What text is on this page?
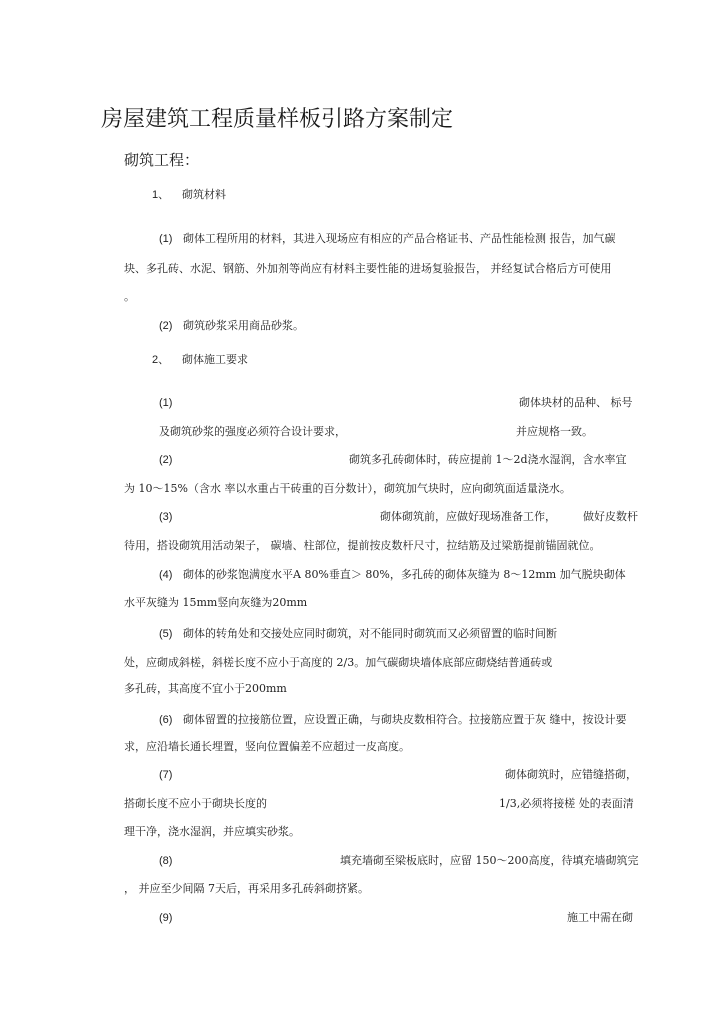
房屋建筑工程质量样板引路方案制定
砌筑工程：
1、 砌筑材料
(1) 砌体工程所用的材料，其进入现场应有相应的产品合格证书、产品性能检测 报告，加气碳
块、多孔砖、水泥、钢筋、外加剂等尚应有材料主要性能的进场复验报告， 并经复试合格后方可使用
。
(2) 砌筑砂浆采用商品砂浆。
2、 砌体施工要求
(1)	砌体块材的品种、 标号
及砌筑砂浆的强度必须符合设计要求，	并应规格一致。
(2)	砌筑多孔砖砌体时，砖应提前 1〜2d浇水湿润，含水率宜
为 10〜15%（含水 率以水重占干砖重的百分数计），砌筑加气块时，应向砌筑面适量浇水。
(3)	砌体砌筑前，应做好现场准备工作， 做好皮数杆
待用，搭设砌筑用活动架子， 碳墙、柱部位，提前按皮数杆尺寸，拉结筋及过梁筋提前锚固就位。
(4) 砌体的砂浆饱满度水平A 80%垂直＞ 80%，多孔砖的砌体灰缝为 8〜12mm 加气脱块砌体
水平灰缝为 15mm竖向灰缝为20mm
(5) 砌体的转角处和交接处应同时砌筑，对不能同时砌筑而又必须留置的临时间断
处，应砌成斜槎，斜槎长度不应小于高度的 2/3。加气碳砌块墙体底部应砌烧结普通砖或
多孔砖，其高度不宜小于200mm
(6) 砌体留置的拉接筋位置，应设置正确，与砌块皮数相符合。拉接筋应置于灰 缝中，按设计要
求，应沿墙长通长埋置，竖向位置偏差不应超过一皮高度。
(7)	砌体砌筑时，应错缝搭砌，
搭砌长度不应小于砌块长度的	1/3,必须将接槎 处的表面清
理干净，浇水湿润，并应填实砂浆。
(8)	填充墙砌至梁板底时，应留 150〜200高度，待填充墙砌筑完
， 并应至少间隔 7天后，再采用多孔砖斜砌挤紧。
(9)	施工中需在砌
